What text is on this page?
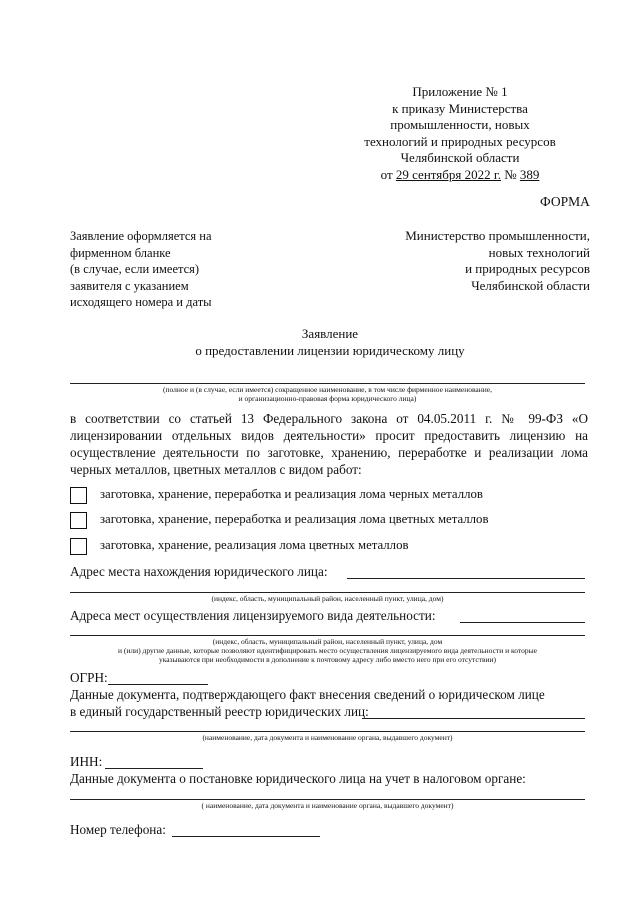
Приложение № 1
к приказу Министерства
промышленности, новых
технологий и природных ресурсов
Челябинской области
от 29 сентября 2022 г. № 389
ФОРМА
Заявление оформляется на
фирменном бланке
(в случае, если имеется)
заявителя с указанием
исходящего номера и даты
Министерство промышленности,
новых технологий
и природных ресурсов
Челябинской области
Заявление
о предоставлении лицензии юридическому лицу
(полное и (в случае, если имеется) сокращенное наименование, в том числе фирменное наименование,
и организационно-правовая форма юридического лица)
в соответствии со статьей 13 Федерального закона от 04.05.2011 г. № 99-ФЗ «О лицензировании отдельных видов деятельности» просит предоставить лицензию на осуществление деятельности по заготовке, хранению, переработке и реализации лома черных металлов, цветных металлов с видом работ:
заготовка, хранение, переработка и реализация лома черных металлов
заготовка, хранение, переработка и реализация лома цветных металлов
заготовка, хранение, реализация лома цветных металлов
Адрес места нахождения юридического лица:
(индекс, область, муниципальный район, населенный пункт, улица, дом)
Адреса мест осуществления лицензируемого вида деятельности:
(индекс, область, муниципальный район, населенный пункт, улица, дом
и (или) другие данные, которые позволяют идентифицировать место осуществления лицензируемого вида деятельности и которые
указываются при необходимости в дополнение к почтовому адресу либо вместо него при его отсутствии)
ОГРН:
Данные документа, подтверждающего факт внесения сведений о юридическом лице
в единый государственный реестр юридических лиц:
(наименование, дата документа и наименование органа, выдавшего документ)
ИНН:
Данные документа о постановке юридического лица на учет в налоговом органе:
( наименование, дата документа и наименование органа, выдавшего документ)
Номер телефона:
